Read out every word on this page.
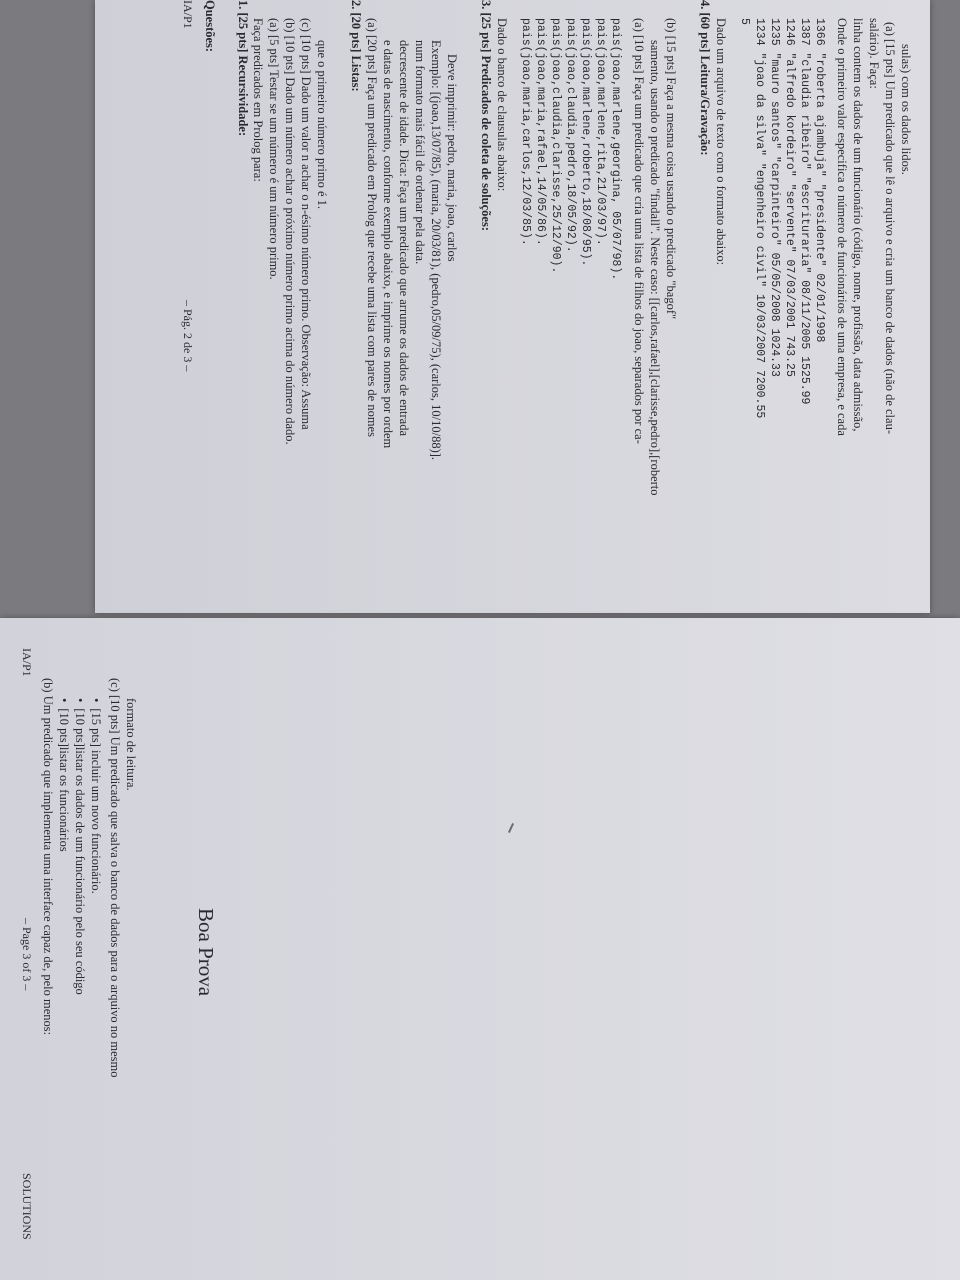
IA/P1
– Pág. 2 de 3 –
Questões: 1. [25 pts] Recursividade: Faça predicados em Prolog para: (a) [5 pts] Testar se um número é um número primo. (b) [10 pts] Dado um número achar o próximo número primo acima do número dado. (c) [10 pts] Dado um valor n achar o n-ésimo número primo. Observação: Assuma que o primeiro número primo é 1. 2. [20 pts] Listas: (a) [20 pts] Faça um predicado em Prolog que recebe uma lista com pares de nomes e datas de nascimento, conforme exemplo abaixo, e imprime os nomes por ordem decrescente de idade. Dica: Faça um predicado que arrume os dados de entrada num formato mais fácil de ordenar pela data. Exemplo: [(joao,13/07/85), (maria, 20/03/81), (pedro,05/09/75), (carlos, 10/10/88)]. Deve imprimir: pedro, maria, joao, carlos 3. [25 pts] Predicados de coleta de soluções: Dado o banco de clausulas abaixo: pais(joao,maria,carlos,12/03/85). pais(joao,maria,rafael,14/05/86). pais(joao,claudia,clarisse,25/12/90). pais(joao,claudia,pedro,18/05/92). pais(joao,marlene,roberto,18/08/95). pais(joao,marlene,rita,21/03/97). pais(joao,marlene,georgina, 05/07/98). (a) [10 pts] Faça um predicado que cria uma lista de filhos do joao, separados por ca- samento, usando o predicado "findall". Neste caso: [[carlos,rafael],[clarisse,pedro],[roberto (b) [15 pts] Faça a mesma coisa usando o predicado "bagof" 4. [60 pts] Leitura/Gravação: Dado um arquivo de texto com o formato abaixo: 5 1234 "joao da silva" "engenheiro civil" 10/03/2007 7200.55 1235 "mauro santos" "carpinteiro" 05/05/2008 1024.33 1246 "alfredo kordeiro" "servente" 07/03/2001 743.25 1387 "claudia ribeiro" "escrituraria" 08/11/2005 1525.99 1366 "roberta ajambuja" "presidente" 02/01/1998 Onde o primeiro valor especifica o número de funcionários de uma empresa, e cada linha contem os dados de um funcionário (código, nome, profissão, data admissão, salário). Faça: (a) [15 pts] Um predicado que lê o arquivo e cria um banco de dados (não de clau- sulas) com os dados lidos.
IA/P1
– Page 3 of 3 –
SOLUTIONS
(b) Um predicado que implementa uma interface capaz de, pelo menos: • [10 pts]listar os funcionários • [10 pts]listar os dados de um funcionário pelo seu código • [15 pts] incluir um novo funcionário. (c) [10 pts] Um predicado que salva o banco de dados para o arquivo no mesmo formato de leitura.
Boa Prova
